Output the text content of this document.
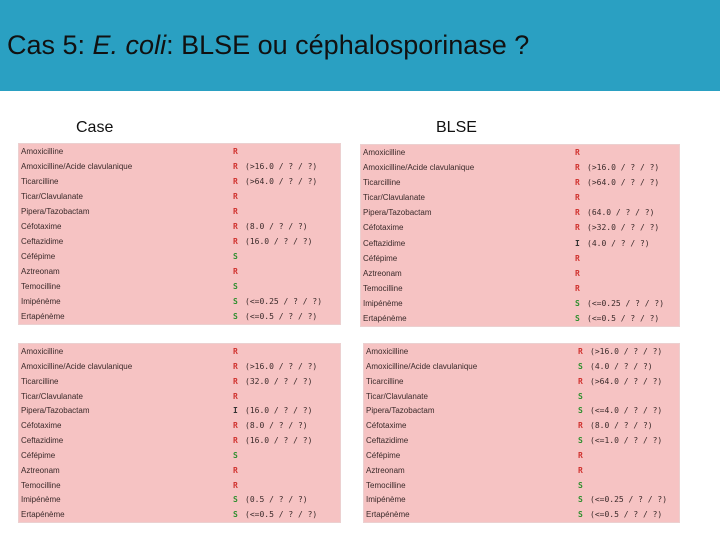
Cas 5: E. coli: BLSE ou céphalosporinase ?
Case	BLSE
Amoxicilline	R
Amoxicilline/Acide clavulanique	R (>16.0 / ? / ?)
Ticarcilline	R (>64.0 / ? / ?)
Ticar/Clavulanate	R
Pipera/Tazobactam	R
Céfotaxime	R (8.0 / ? / ?)
Ceftazidime	R (16.0 / ? / ?)
Céfépime	S
Aztreonam	R
Temocilline	S
Imipénème	S (<=0.25 / ? / ?)
Ertapénème	S (<=0.5 / ? / ?)
Amoxicilline	R
Amoxicilline/Acide clavulanique	R (>16.0 / ? / ?)
Ticarcilline	R (>64.0 / ? / ?)
Ticar/Clavulanate	R
Pipera/Tazobactam	R (64.0 / ? / ?)
Céfotaxime	R (>32.0 / ? / ?)
Ceftazidime	I (4.0 / ? / ?)
Céfépime	R
Aztreonam	R
Temocilline	R
Imipénème	S (<=0.25 / ? / ?)
Ertapénème	S (<=0.5 / ? / ?)
Amoxicilline	R
Amoxicilline/Acide clavulanique	R (>16.0 / ? / ?)
Ticarcilline	R (32.0 / ? / ?)
Ticar/Clavulanate	R
Pipera/Tazobactam	I (16.0 / ? / ?)
Céfotaxime	R (8.0 / ? / ?)
Ceftazidime	R (16.0 / ? / ?)
Céfépime	S
Aztreonam	R
Temocilline	R
Imipénème	S (0.5 / ? / ?)
Ertapénème	S (<=0.5 / ? / ?)
Amoxicilline	R (>16.0 / ? / ?)
Amoxicilline/Acide clavulanique	S (4.0 / ? / ?)
Ticarcilline	R (>64.0 / ? / ?)
Ticar/Clavulanate	S
Pipera/Tazobactam	S (<=4.0 / ? / ?)
Céfotaxime	R (8.0 / ? / ?)
Ceftazidime	S (<=1.0 / ? / ?)
Céfépime	R
Aztreonam	R
Temocilline	S
Imipénème	S (<=0.25 / ? / ?)
Ertapénème	S (<=0.5 / ? / ?)
